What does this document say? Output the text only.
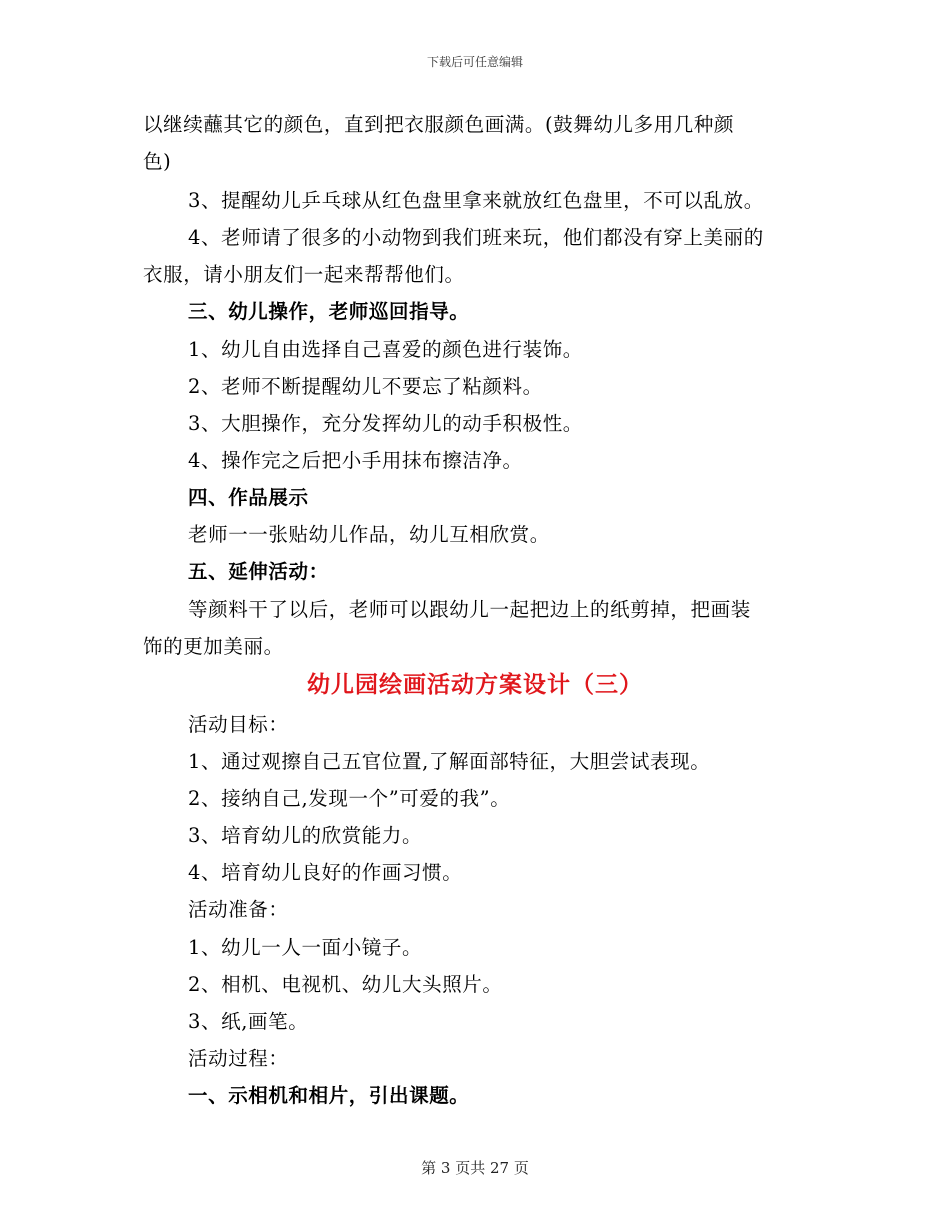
下载后可任意编辑
以继续蘸其它的颜色，直到把衣服颜色画满。(鼓舞幼儿多用几种颜
色)
3、提醒幼儿乒乓球从红色盘里拿来就放红色盘里，不可以乱放。
4、老师请了很多的小动物到我们班来玩，他们都没有穿上美丽的
衣服，请小朋友们一起来帮帮他们。
三、幼儿操作，老师巡回指导。
1、幼儿自由选择自己喜爱的颜色进行装饰。
2、老师不断提醒幼儿不要忘了粘颜料。
3、大胆操作，充分发挥幼儿的动手积极性。
4、操作完之后把小手用抹布擦洁净。
四、作品展示
老师一一张贴幼儿作品，幼儿互相欣赏。
五、延伸活动：
等颜料干了以后，老师可以跟幼儿一起把边上的纸剪掉，把画装
饰的更加美丽。
幼儿园绘画活动方案设计（三）
活动目标：
1、通过观擦自己五官位置,了解面部特征，大胆尝试表现。
2、接纳自己,发现一个”可爱的我”。
3、培育幼儿的欣赏能力。
4、培育幼儿良好的作画习惯。
活动准备：
1、幼儿一人一面小镜子。
2、相机、电视机、幼儿大头照片。
3、纸,画笔。
活动过程：
一、示相机和相片，引出课题。
第 3 页共 27 页
